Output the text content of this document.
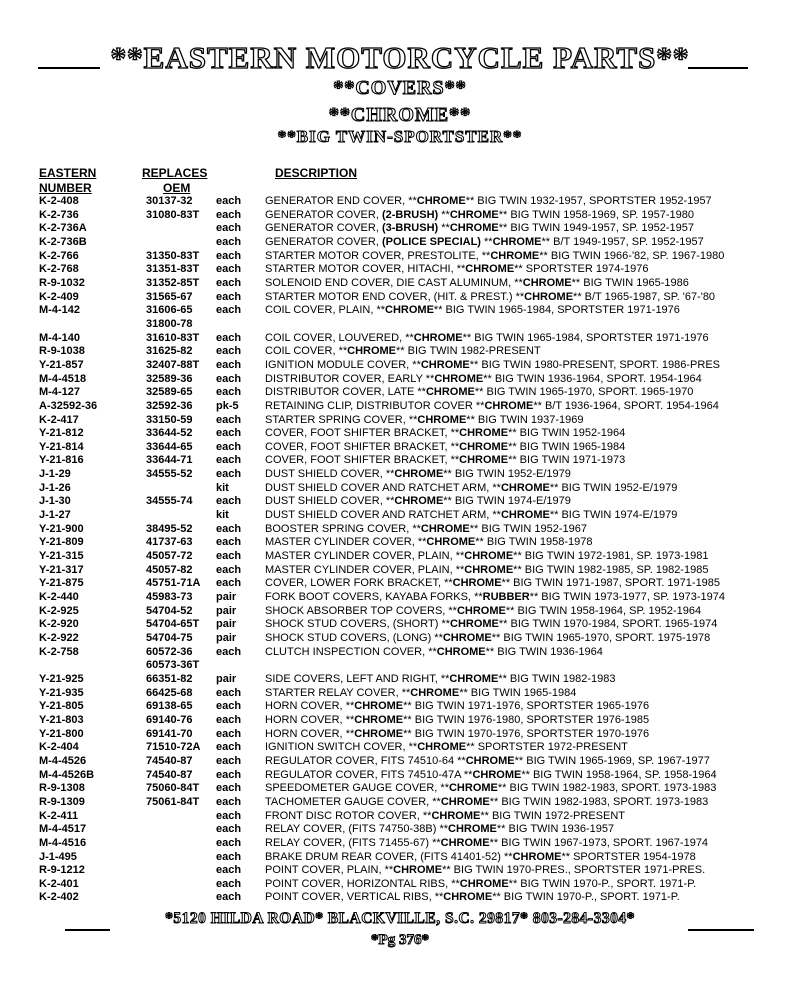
**EASTERN MOTORCYCLE PARTS**
**COVERS**
**CHROME**
**BIG TWIN-SPORTSTER**
EASTERN
NUMBER
REPLACES
OEM
DESCRIPTION
K-2-408	30137-32 each GENERATOR END COVER, **CHROME** BIG TWIN 1932-1957, SPORTSTER 1952-1957
K-2-736	31080-83T each GENERATOR COVER, (2-BRUSH) **CHROME** BIG TWIN 1958-1969, SP. 1957-1980
K-2-736A	each GENERATOR COVER, (3-BRUSH) **CHROME** BIG TWIN 1949-1957, SP. 1952-1957
K-2-736B	each GENERATOR COVER, (POLICE SPECIAL) **CHROME** B/T 1949-1957, SP. 1952-1957
K-2-766	31350-83T each STARTER MOTOR COVER, PRESTOLITE, **CHROME** BIG TWIN 1966-'82, SP. 1967-1980
K-2-768	31351-83T each STARTER MOTOR COVER, HITACHI, **CHROME** SPORTSTER 1974-1976
R-9-1032	31352-85T each SOLENOID END COVER, DIE CAST ALUMINUM, **CHROME** BIG TWIN 1965-1986
K-2-409	31565-67 each STARTER MOTOR END COVER, (HIT. & PREST.) **CHROME** B/T 1965-1987, SP. '67-'80
M-4-142	31606-65 each COIL COVER, PLAIN, **CHROME** BIG TWIN 1965-1984, SPORTSTER 1971-1976
31800-78
M-4-140	31610-83T each COIL COVER, LOUVERED, **CHROME** BIG TWIN 1965-1984, SPORTSTER 1971-1976
R-9-1038	31625-82 each COIL COVER, **CHROME** BIG TWIN 1982-PRESENT
Y-21-857	32407-88T each IGNITION MODULE COVER, **CHROME** BIG TWIN 1980-PRESENT, SPORT. 1986-PRES
M-4-4518	32589-36 each DISTRIBUTOR COVER, EARLY **CHROME** BIG TWIN 1936-1964, SPORT. 1954-1964
M-4-127	32589-65 each DISTRIBUTOR COVER, LATE **CHROME** BIG TWIN 1965-1970, SPORT. 1965-1970
A-32592-36	32592-36 pk-5 RETAINING CLIP, DISTRIBUTOR COVER **CHROME** B/T 1936-1964, SPORT. 1954-1964
K-2-417	33150-59 each STARTER SPRING COVER, **CHROME** BIG TWIN 1937-1969
Y-21-812	33644-52 each COVER, FOOT SHIFTER BRACKET, **CHROME** BIG TWIN 1952-1964
Y-21-814	33644-65 each COVER, FOOT SHIFTER BRACKET, **CHROME** BIG TWIN 1965-1984
Y-21-816	33644-71 each COVER, FOOT SHIFTER BRACKET, **CHROME** BIG TWIN 1971-1973
J-1-29	34555-52 each DUST SHIELD COVER, **CHROME** BIG TWIN 1952-E/1979
J-1-26	kit	DUST SHIELD COVER AND RATCHET ARM, **CHROME** BIG TWIN 1952-E/1979
J-1-30	34555-74 each DUST SHIELD COVER, **CHROME** BIG TWIN 1974-E/1979
J-1-27	kit	DUST SHIELD COVER AND RATCHET ARM, **CHROME** BIG TWIN 1974-E/1979
Y-21-900	38495-52 each BOOSTER SPRING COVER, **CHROME** BIG TWIN 1952-1967
Y-21-809	41737-63 each MASTER CYLINDER COVER, **CHROME** BIG TWIN 1958-1978
Y-21-315	45057-72 each MASTER CYLINDER COVER, PLAIN, **CHROME** BIG TWIN 1972-1981, SP. 1973-1981
Y-21-317	45057-82 each MASTER CYLINDER COVER, PLAIN, **CHROME** BIG TWIN 1982-1985, SP. 1982-1985
Y-21-875	45751-71A each COVER, LOWER FORK BRACKET, **CHROME** BIG TWIN 1971-1987, SPORT. 1971-1985
K-2-440	45983-73 pair	FORK BOOT COVERS, KAYABA FORKS, **RUBBER** BIG TWIN 1973-1977, SP. 1973-1974
K-2-925	54704-52 pair	SHOCK ABSORBER TOP COVERS, **CHROME** BIG TWIN 1958-1964, SP. 1952-1964
K-2-920	54704-65T pair	SHOCK STUD COVERS, (SHORT) **CHROME** BIG TWIN 1970-1984, SPORT. 1965-1974
K-2-922	54704-75 pair	SHOCK STUD COVERS, (LONG) **CHROME** BIG TWIN 1965-1970, SPORT. 1975-1978
K-2-758	60572-36 each CLUTCH INSPECTION COVER, **CHROME** BIG TWIN 1936-1964
60573-36T
Y-21-925	66351-82 pair	SIDE COVERS, LEFT AND RIGHT, **CHROME** BIG TWIN 1982-1983
Y-21-935	66425-68 each STARTER RELAY COVER, **CHROME** BIG TWIN 1965-1984
Y-21-805	69138-65 each HORN COVER, **CHROME** BIG TWIN 1971-1976, SPORTSTER 1965-1976
Y-21-803	69140-76 each HORN COVER, **CHROME** BIG TWIN 1976-1980, SPORTSTER 1976-1985
Y-21-800	69141-70 each HORN COVER, **CHROME** BIG TWIN 1970-1976, SPORTSTER 1970-1976
K-2-404	71510-72A each IGNITION SWITCH COVER, **CHROME** SPORTSTER 1972-PRESENT
M-4-4526	74540-87 each REGULATOR COVER, FITS 74510-64 **CHROME** BIG TWIN 1965-1969, SP. 1967-1977
M-4-4526B	74540-87 each REGULATOR COVER, FITS 74510-47A **CHROME** BIG TWIN 1958-1964, SP. 1958-1964
R-9-1308	75060-84T each SPEEDOMETER GAUGE COVER, **CHROME** BIG TWIN 1982-1983, SPORT. 1973-1983
R-9-1309	75061-84T each TACHOMETER GAUGE COVER, **CHROME** BIG TWIN 1982-1983, SPORT. 1973-1983
K-2-411	each FRONT DISC ROTOR COVER, **CHROME** BIG TWIN 1972-PRESENT
M-4-4517	each RELAY COVER, (FITS 74750-38B) **CHROME** BIG TWIN 1936-1957
M-4-4516	each RELAY COVER, (FITS 71455-67) **CHROME** BIG TWIN 1967-1973, SPORT. 1967-1974
J-1-495	each BRAKE DRUM REAR COVER, (FITS 41401-52) **CHROME** SPORTSTER 1954-1978
R-9-1212	each POINT COVER, PLAIN, **CHROME** BIG TWIN 1970-PRES., SPORTSTER 1971-PRES.
K-2-401	each POINT COVER, HORIZONTAL RIBS, **CHROME** BIG TWIN 1970-P., SPORT. 1971-P.
K-2-402	each POINT COVER, VERTICAL RIBS, **CHROME** BIG TWIN 1970-P., SPORT. 1971-P.
*5120 HILDA ROAD* BLACKVILLE, S.C. 29817* 803-284-3304*
*Pg 376*
